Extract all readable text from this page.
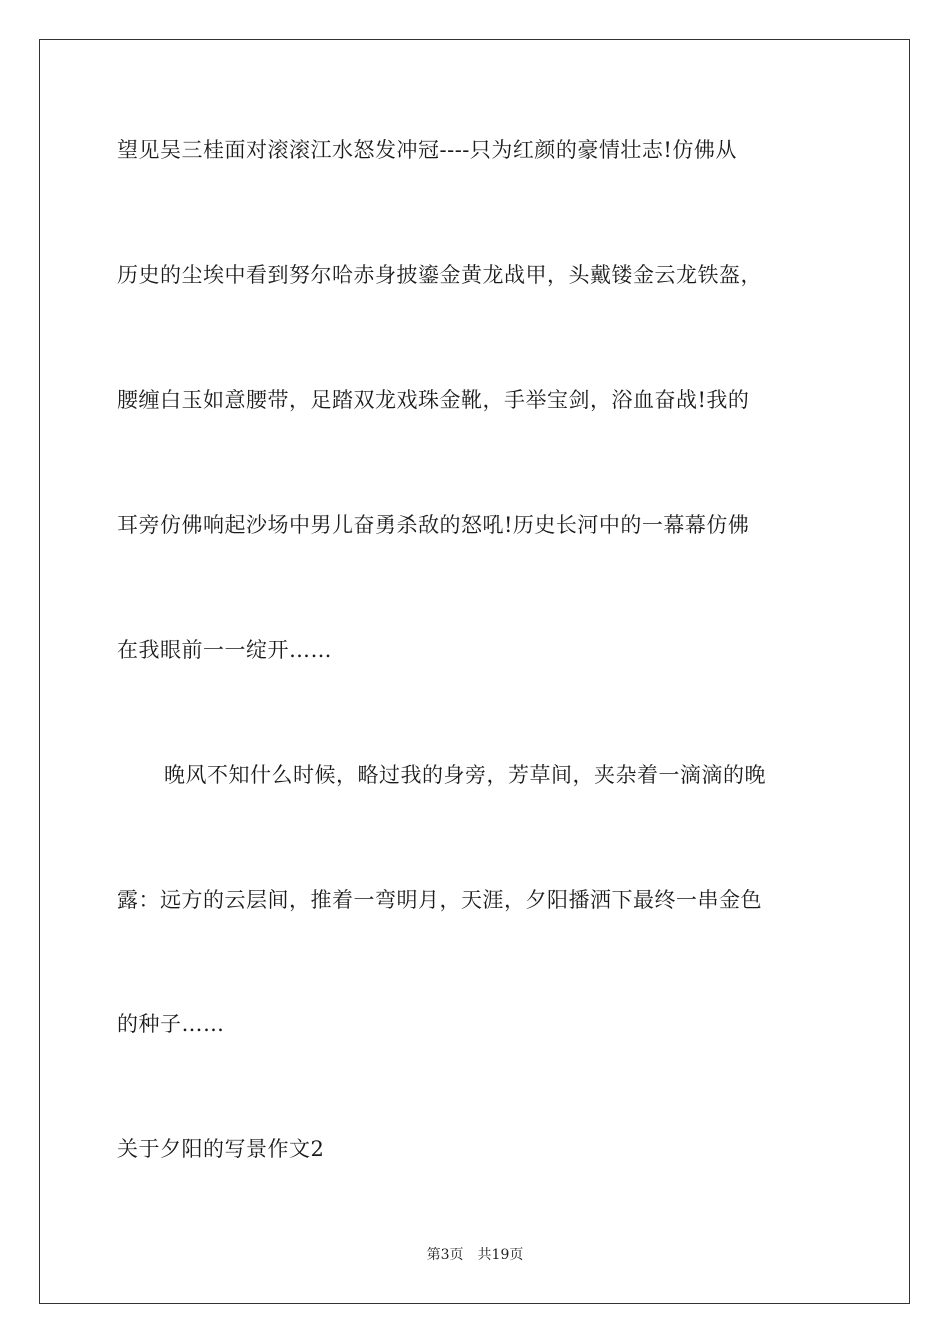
望见吴三桂面对滚滚江水怒发冲冠----只为红颜的豪情壮志!仿佛从
历史的尘埃中看到努尔哈赤身披鎏金黄龙战甲，头戴镂金云龙铁盔，
腰缠白玉如意腰带，足踏双龙戏珠金靴，手举宝剑，浴血奋战!我的
耳旁仿佛响起沙场中男儿奋勇杀敌的怒吼!历史长河中的一幕幕仿佛
在我眼前一一绽开……
晚风不知什么时候，略过我的身旁，芳草间，夹杂着一滴滴的晚
露：远方的云层间，推着一弯明月，天涯，夕阳播洒下最终一串金色
的种子……
关于夕阳的写景作文2
第3页 共19页
